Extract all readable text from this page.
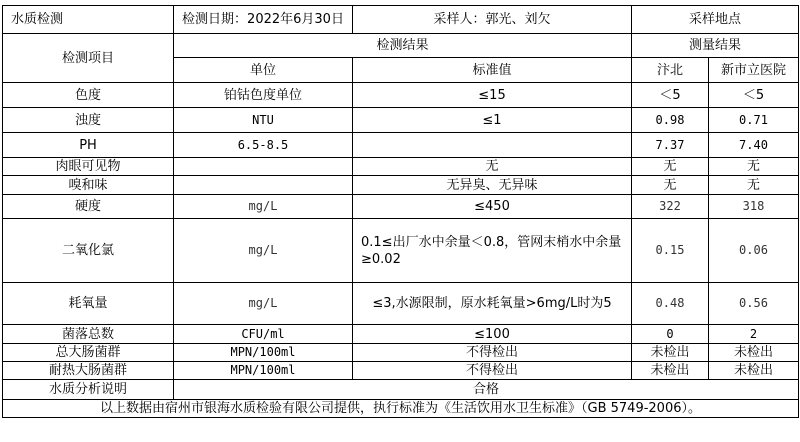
水质检测	检测日期：2022年6月30日	采样人：郭光、刘欠	采样地点	
检测项目	检测结果		测量结果	
	单位	标准值	汴北	新市立医院
色度	铂钴色度单位	≤15	＜5	＜5
浊度	NTU	≤1	0.98	0.71
PH	6.5-8.5		7.37	7.40
肉眼可见物		无	无	无
嗅和味		无异臭、无异味	无	无
硬度	mg/L	≤450	322	318
二氧化氯	mg/L	0.1≤出厂水中余量＜0.8，管网末梢水中余量≥0.02	0.15	0.06
耗氧量	mg/L	≤3,水源限制，原水耗氧量>6mg/L时为5	0.48	0.56
菌落总数	CFU/ml	≤100	0	2
总大肠菌群	MPN/100ml	不得检出	未检出	未检出
耐热大肠菌群	MPN/100ml	不得检出	未检出	未检出
水质分析说明	合格			
以上数据由宿州市银海水质检验有限公司提供，执行标准为《生活饮用水卫生标准》（GB 5749-2006）。				
